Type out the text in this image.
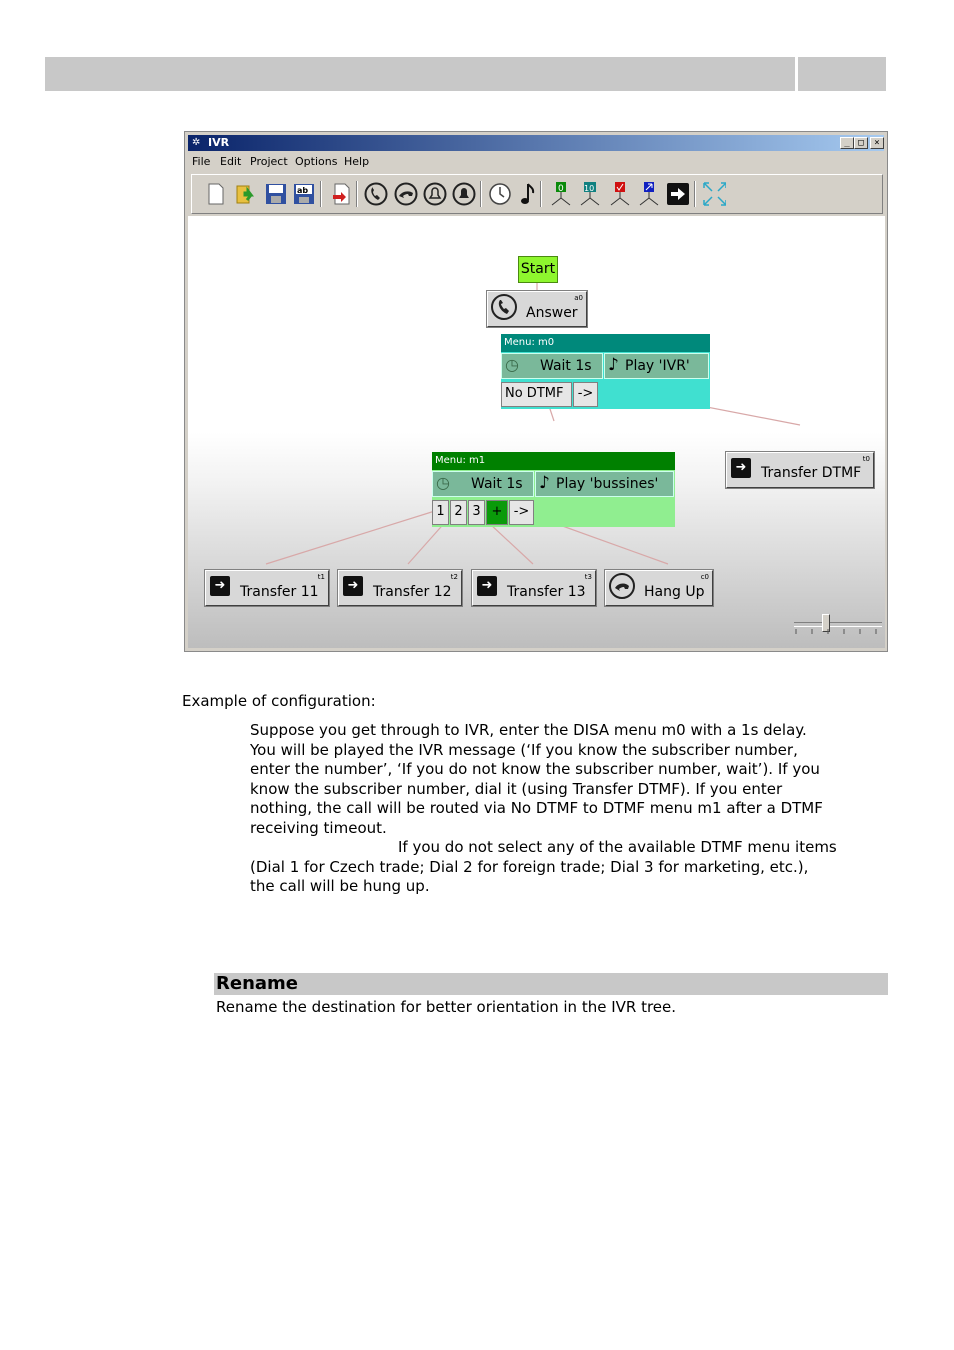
✲ IVR	_ □	×
File Edit Project Options Help
ab	0	10
Start
Answer
a0
Menu: m0
◷ Wait 1s ♪ Play 'IVR'
No DTMF	->
➜	Transfer DTMF
t0
Menu: m1
◷ Wait 1s ♪ Play 'bussines'
1 2 3 + ->
➜	Transfer 11
t1
➜	Transfer 12
t2
➜	Transfer 13
t3
Hang Up
c0
Example of configuration:
Suppose you get through to IVR, enter the DISA menu m0 with a 1s delay.
You will be played the IVR message (‘If you know the subscriber number,
enter the number’, ‘If you do not know the subscriber number, wait’). If you
know the subscriber number, dial it (using Transfer DTMF). If you enter
nothing, the call will be routed via No DTMF to DTMF menu m1 after a DTMF
receiving timeout.
If you do not select any of the available DTMF menu items
(Dial 1 for Czech trade; Dial 2 for foreign trade; Dial 3 for marketing, etc.),
the call will be hung up.
Rename
Rename the destination for better orientation in the IVR tree.
